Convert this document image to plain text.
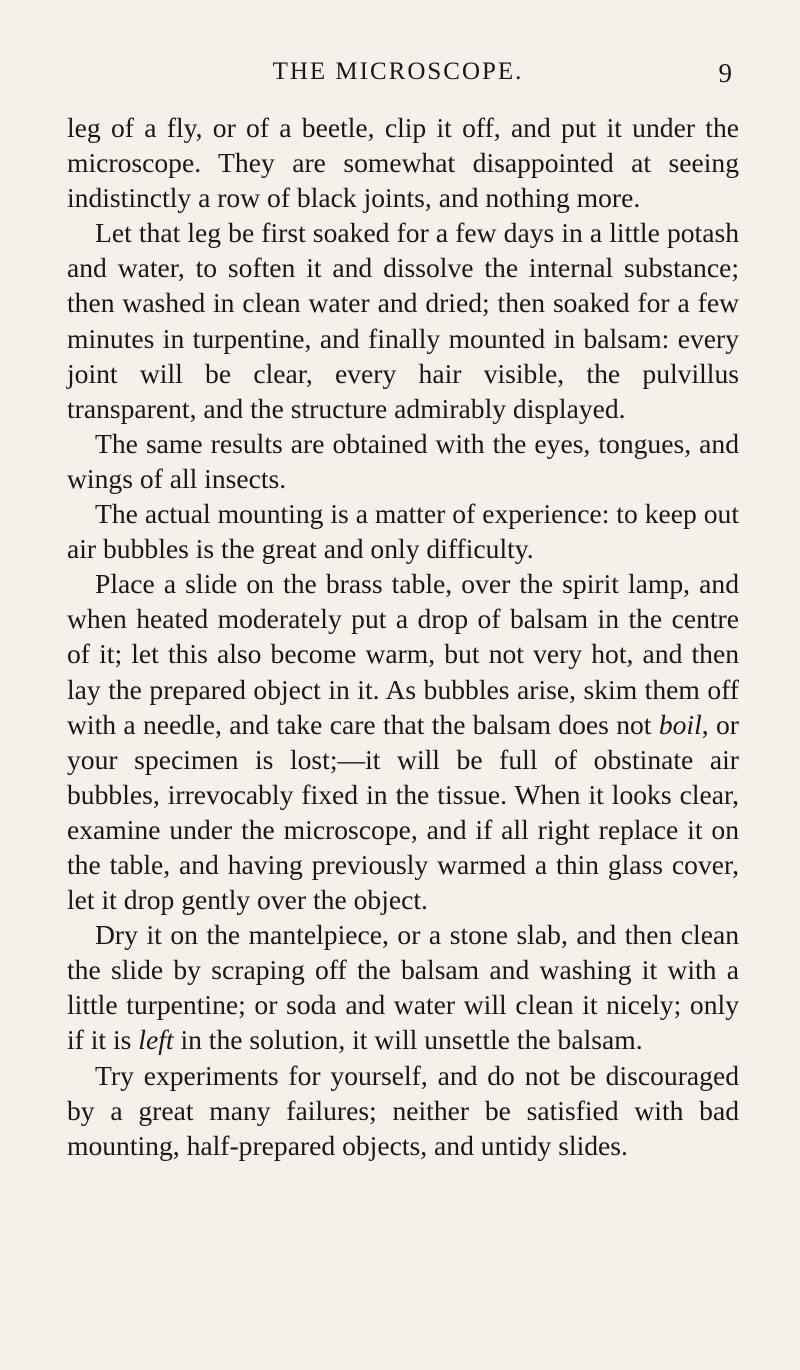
THE MICROSCOPE.	9

leg of a fly, or of a beetle, clip it off, and put it under the microscope. They are somewhat disappointed at seeing indistinctly a row of black joints, and nothing more.

Let that leg be first soaked for a few days in a little potash and water, to soften it and dissolve the internal substance; then washed in clean water and dried; then soaked for a few minutes in turpentine, and finally mounted in balsam: every joint will be clear, every hair visible, the pulvillus transparent, and the structure admirably displayed.

The same results are obtained with the eyes, tongues, and wings of all insects.

The actual mounting is a matter of experience: to keep out air bubbles is the great and only difficulty.

Place a slide on the brass table, over the spirit lamp, and when heated moderately put a drop of balsam in the centre of it; let this also become warm, but not very hot, and then lay the prepared object in it. As bubbles arise, skim them off with a needle, and take care that the balsam does not boil, or your specimen is lost;—it will be full of obstinate air bubbles, irrevocably fixed in the tissue. When it looks clear, examine under the microscope, and if all right replace it on the table, and having previously warmed a thin glass cover, let it drop gently over the object.

Dry it on the mantelpiece, or a stone slab, and then clean the slide by scraping off the balsam and washing it with a little turpentine; or soda and water will clean it nicely; only if it is left in the solution, it will unsettle the balsam.

Try experiments for yourself, and do not be discouraged by a great many failures; neither be satisfied with bad mounting, half-prepared objects, and untidy slides.
